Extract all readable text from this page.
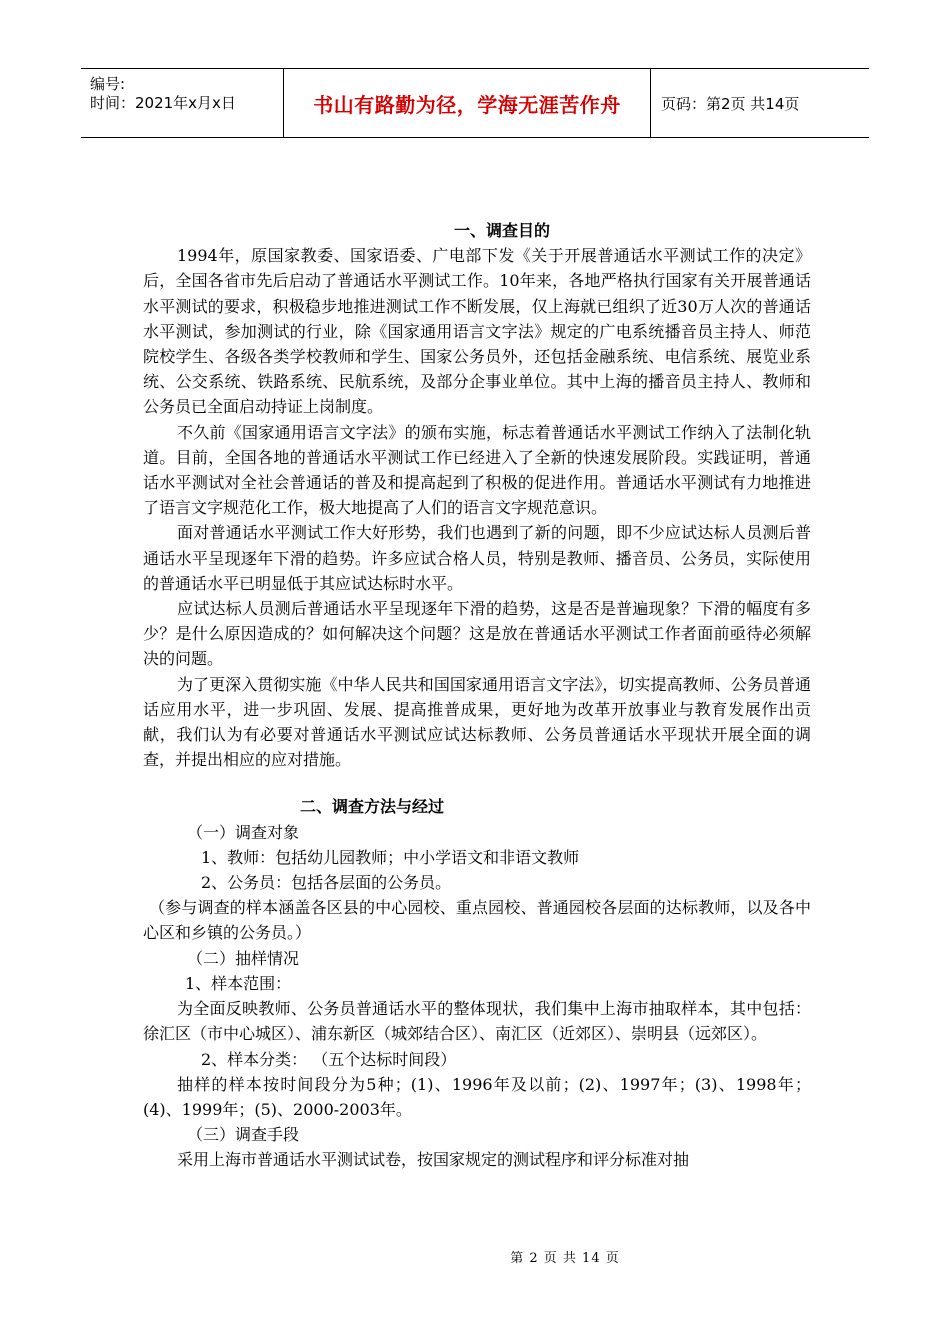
编号:
时间：2021年x月x日	书山有路勤为径，学海无涯苦作舟	页码：第2页 共14页
一、调查目的

1994年，原国家教委、国家语委、广电部下发《关于开展普通话水平测试工作的决定》后，全国各省市先后启动了普通话水平测试工作。10年来，各地严格执行国家有关开展普通话水平测试的要求，积极稳步地推进测试工作不断发展，仅上海就已组织了近30万人次的普通话水平测试，参加测试的行业，除《国家通用语言文字法》规定的广电系统播音员主持人、师范院校学生、各级各类学校教师和学生、国家公务员外，还包括金融系统、电信系统、展览业系统、公交系统、铁路系统、民航系统，及部分企事业单位。其中上海的播音员主持人、教师和公务员已全面启动持证上岗制度。

不久前《国家通用语言文字法》的颁布实施，标志着普通话水平测试工作纳入了法制化轨道。目前，全国各地的普通话水平测试工作已经进入了全新的快速发展阶段。实践证明，普通话水平测试对全社会普通话的普及和提高起到了积极的促进作用。普通话水平测试有力地推进了语言文字规范化工作，极大地提高了人们的语言文字规范意识。

面对普通话水平测试工作大好形势，我们也遇到了新的问题，即不少应试达标人员测后普通话水平呈现逐年下滑的趋势。许多应试合格人员，特别是教师、播音员、公务员，实际使用的普通话水平已明显低于其应试达标时水平。

应试达标人员测后普通话水平呈现逐年下滑的趋势，这是否是普遍现象？下滑的幅度有多少？是什么原因造成的？如何解决这个问题？这是放在普通话水平测试工作者面前亟待必须解决的问题。

为了更深入贯彻实施《中华人民共和国国家通用语言文字法》，切实提高教师、公务员普通话应用水平，进一步巩固、发展、提高推普成果，更好地为改革开放事业与教育发展作出贡献，我们认为有必要对普通话水平测试应试达标教师、公务员普通话水平现状开展全面的调查，并提出相应的应对措施。

二、调查方法与经过

（一）调查对象

1、教师：包括幼儿园教师；中小学语文和非语文教师

2、公务员：包括各层面的公务员。

（参与调查的样本涵盖各区县的中心园校、重点园校、普通园校各层面的达标教师，以及各中心区和乡镇的公务员。）

（二）抽样情况

1、样本范围：

为全面反映教师、公务员普通话水平的整体现状，我们集中上海市抽取样本，其中包括：徐汇区（市中心城区）、浦东新区（城郊结合区）、南汇区（近郊区）、崇明县（远郊区）。

2、样本分类： （五个达标时间段）

抽样的样本按时间段分为5种；(1)、1996年及以前；(2)、1997年；(3)、1998年；(4)、1999年；(5)、2000-2003年。

（三）调查手段

采用上海市普通话水平测试试卷，按国家规定的测试程序和评分标准对抽

第 2 页 共 14 页
